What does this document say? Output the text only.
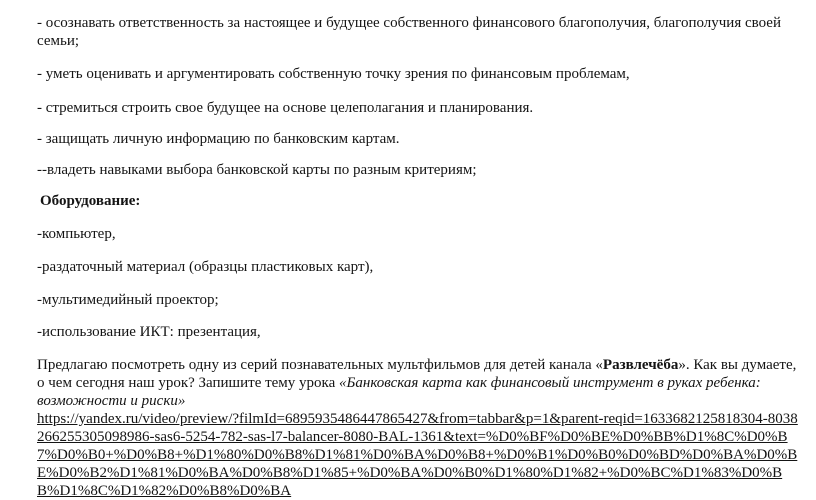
- осознавать ответственность за настоящее и будущее собственного финансового благополучия, благополучия своей семьи;
- уметь оценивать и аргументировать собственную точку зрения по финансовым проблемам,
- стремиться строить свое будущее на основе целеполагания и планирования.
- защищать личную информацию по банковским картам.
--владеть навыками выбора банковской карты по разным критериям;
Оборудование:
-компьютер,
-раздаточный материал (образцы пластиковых карт),
-мультимедийный проектор;
-использование ИКТ: презентация,
Предлагаю посмотреть одну из серий познавательных мультфильмов для детей канала «Развлечёба». Как вы думаете, о чем сегодня наш урок? Запишите тему урока «Банковская карта как финансовый инструмент в руках ребенка: возможности и риски»
https://yandex.ru/video/preview/?filmId=6895935486447865427&from=tabbar&p=1&parent-reqid=1633682125818304-8038266255305098986-sas6-5254-782-sas-l7-balancer-8080-BAL-1361&text=%D0%BF%D0%BE%D0%BB%D1%8C%D0%B7%D0%B0+%D0%B8+%D1%80%D0%B8%D1%81%D0%BA%D0%B8+%D0%B1%D0%B0%D0%BD%D0%BA%D0%BE%D0%B2%D1%81%D0%BA%D0%B8%D1%85+%D0%BA%D0%B0%D1%80%D1%82+%D0%BC%D1%83%D0%BB%D1%8C%D1%82%D0%B8%D0%BA
